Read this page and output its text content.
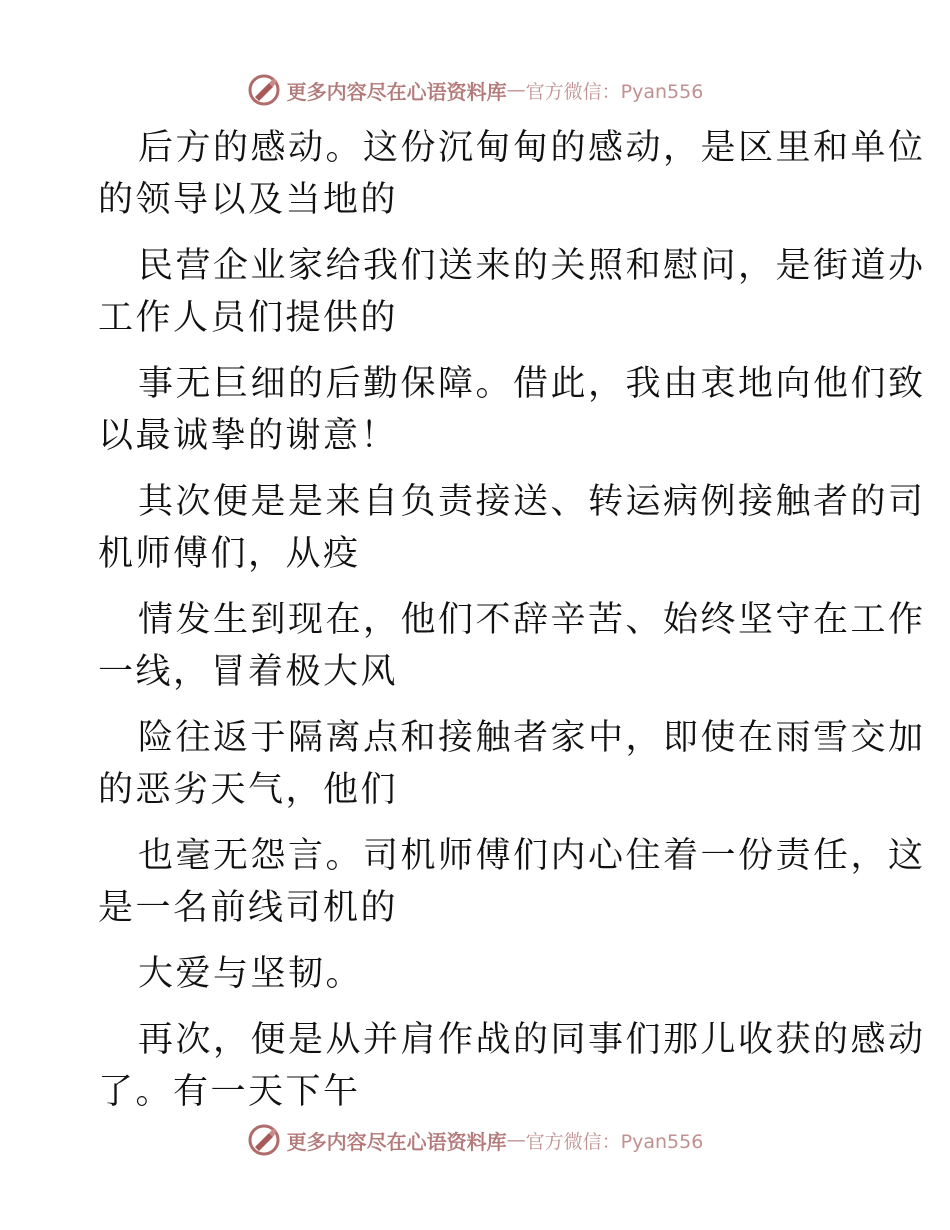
更多内容尽在心语资料库 — 官方微信：Pyan556

后方的感动。这份沉甸甸的感动，是区里和单位

的领导以及当地的

民营企业家给我们送来的关照和慰问，是街道办

工作人员们提供的

事无巨细的后勤保障。借此，我由衷地向他们致

以最诚挚的谢意！

其次便是是来自负责接送、转运病例接触者的司

机师傅们，从疫

情发生到现在，他们不辞辛苦、始终坚守在工作

一线，冒着极大风

险往返于隔离点和接触者家中，即使在雨雪交加

的恶劣天气，他们

也毫无怨言。司机师傅们内心住着一份责任，这

是一名前线司机的

大爱与坚韧。

再次，便是从并肩作战的同事们那儿收获的感动

了。有一天下午

更多内容尽在心语资料库 — 官方微信：Pyan556
